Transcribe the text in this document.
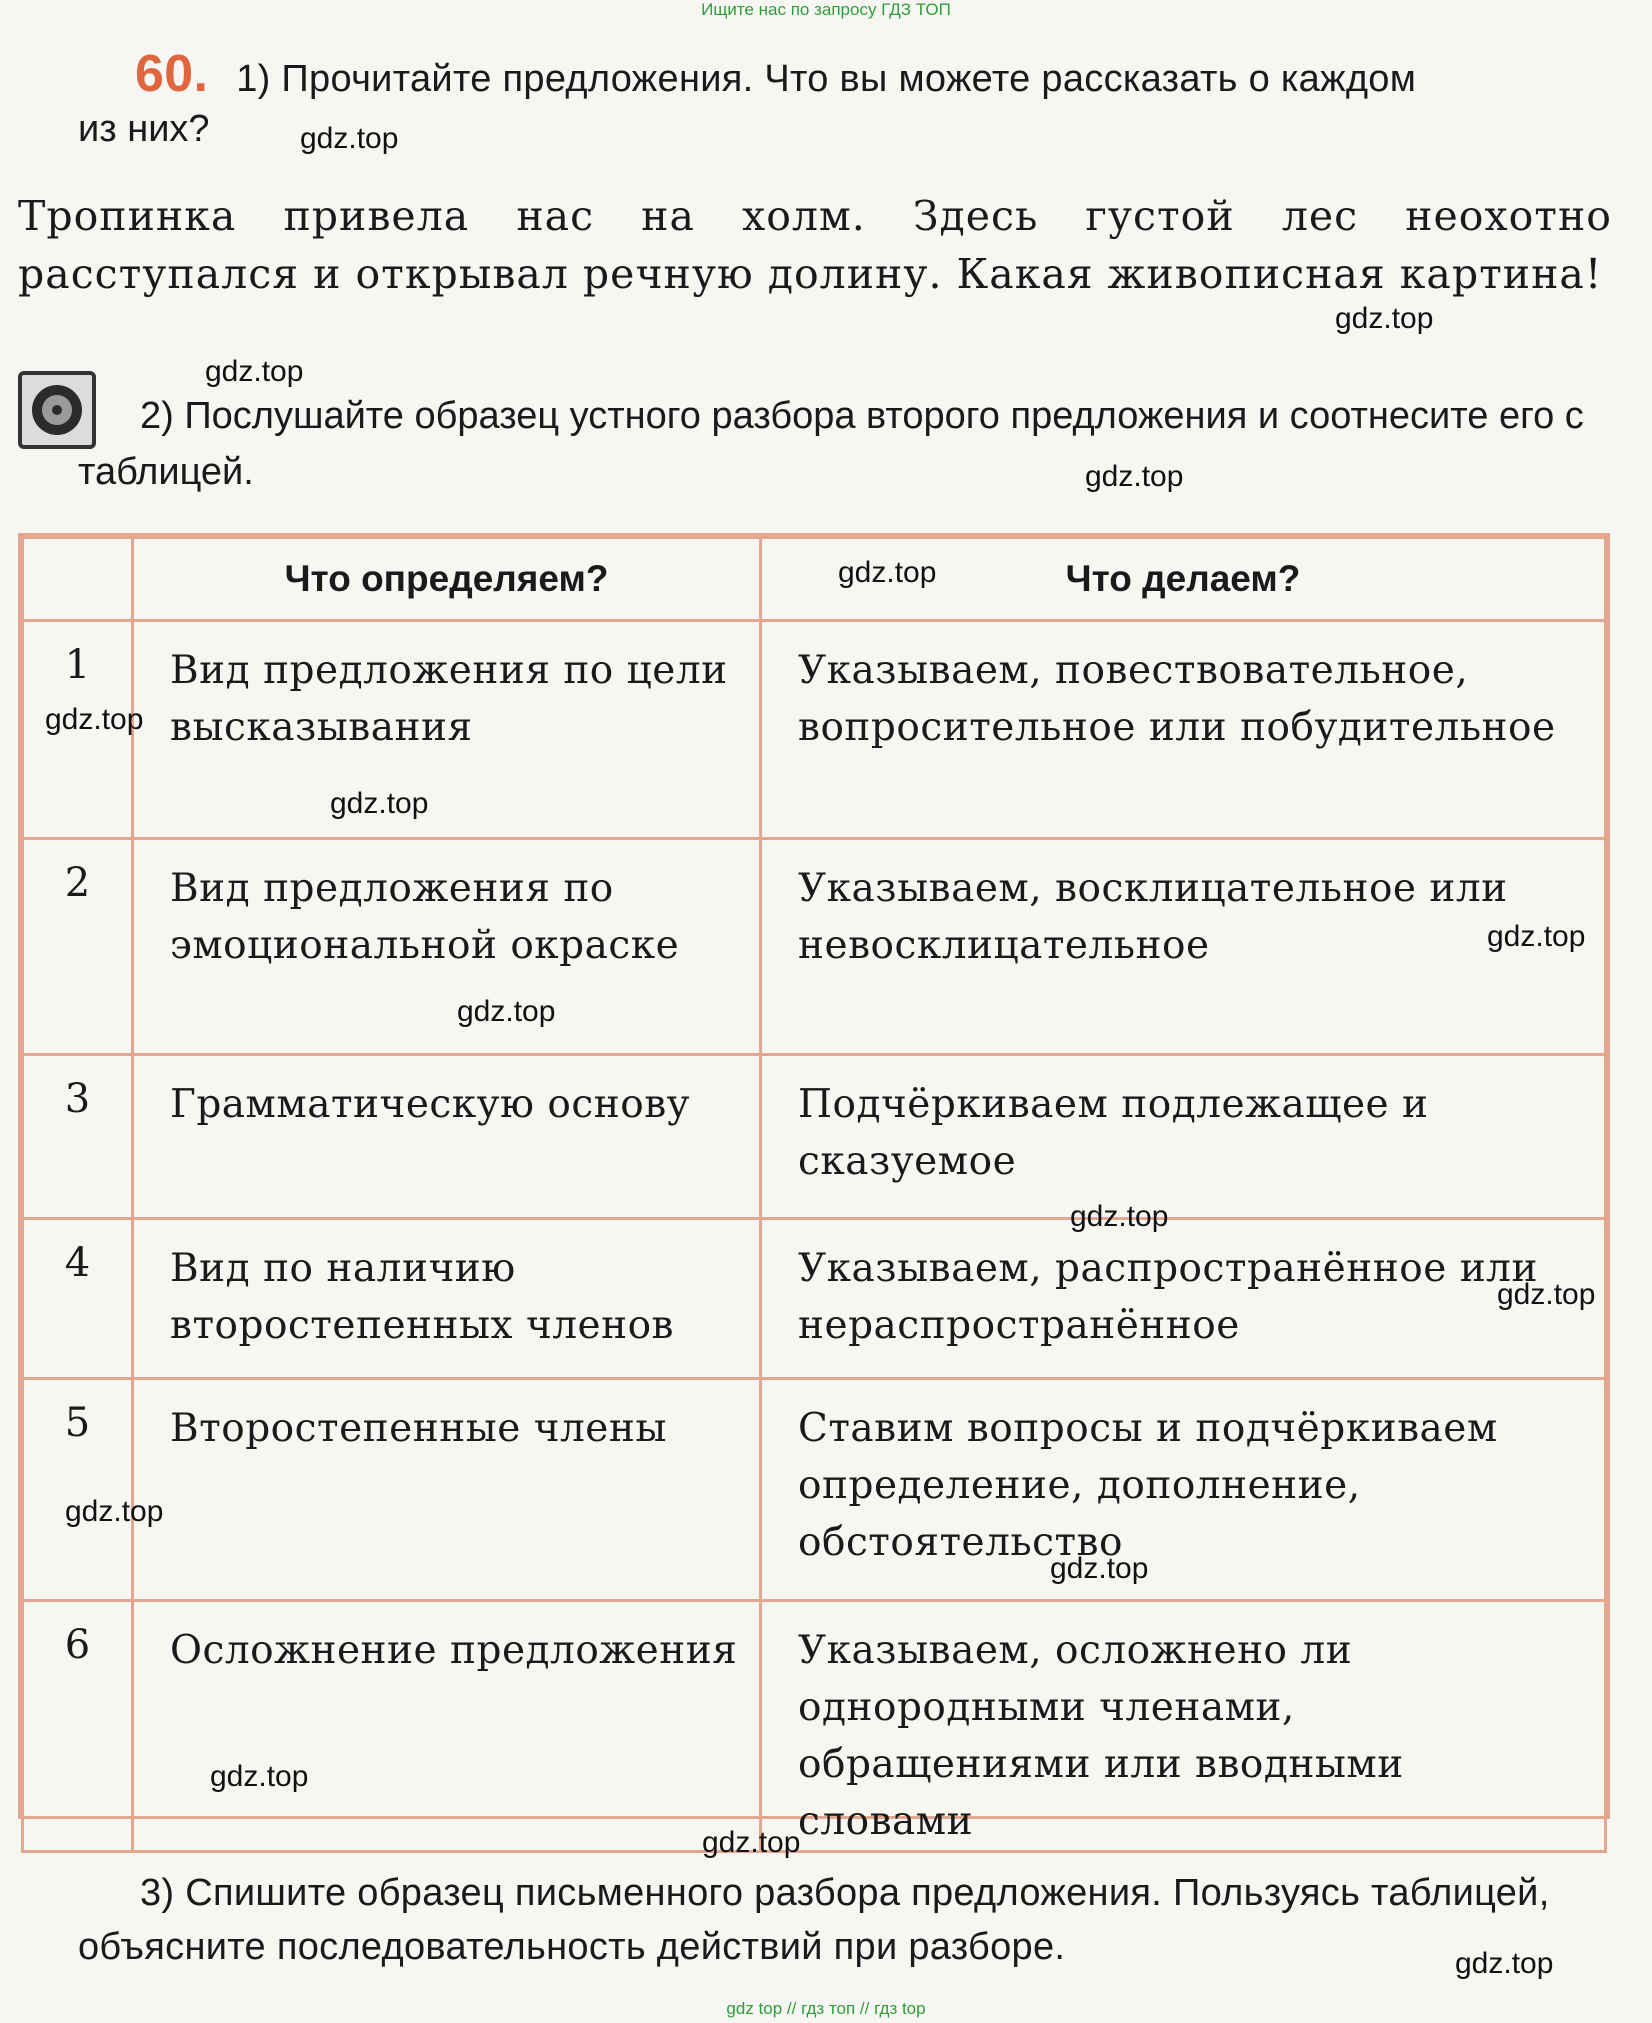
Ищите нас по запросу ГДЗ ТОП
60. 1) Прочитайте предложения. Что вы можете рассказать о каждом
из них?
Тропинка привела нас на холм. Здесь густой лес неохотно расступался и открывал речную долину. Какая живописная картина!
2) Послушайте образец устного разбора второго предложения и соотнесите его с таблицей.
	Что определяем?	Что делаем?
1	Вид предложения по цели высказывания	Указываем, повествовательное, вопросительное или побудительное
2	Вид предложения по эмоциональной окраске	Указываем, восклицательное или невосклицательное
3	Грамматическую основу	Подчёркиваем подлежащее и сказуемое
4	Вид по наличию второстепенных членов	Указываем, распространённое или нераспространённое
5	Второстепенные члены	Ставим вопросы и подчёркиваем определение, дополнение, обстоятельство
6	Осложнение предложения	Указываем, осложнено ли однородными членами, обращениями или вводными словами
3) Спишите образец письменного разбора предложения. Пользуясь таблицей, объясните последовательность действий при разборе.
gdz.top
gdz.top
gdz.top
gdz.top
gdz.top
gdz.top
gdz.top
gdz.top
gdz.top
gdz.top
gdz.top
gdz.top
gdz.top
gdz.top
gdz.top
gdz.top
gdz top // гдз топ // гдз top
